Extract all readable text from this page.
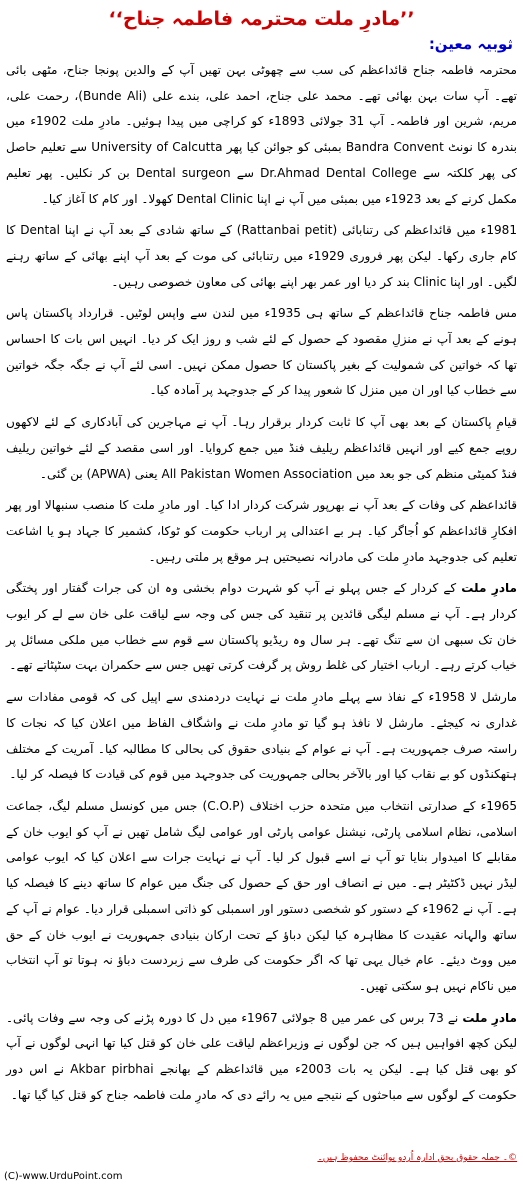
’’مادرِ ملت محترمہ فاطمہ جناح‘‘
ثوبیہ معین:

محترمہ فاطمہ جناح قائداعظم کی سب سے چھوٹی بہن تھیں آپ کے والدین پونجا جناح، مٹھی بائی تھے۔ آپ سات بہن بھائی تھے۔ محمد علی جناح، احمد علی، بندے علی (Bunde Ali)، رحمت علی، مریم، شرین اور فاطمہ۔ آپ 31 جولائی 1893ء کو کراچی میں پیدا ہوئیں۔ مادرِ ملت 1902ء میں بندرہ کا نونٹ Bandra Convent بمبئی کو جوائن کیا پھر University of Calcutta سے تعلیم حاصل کی پھر کلکتہ سے Dr.Ahmad Dental College سے Dental surgeon بن کر نکلیں۔ پھر تعلیم مکمل کرنے کے بعد 1923ء میں بمبئی میں آپ نے اپنا Dental Clinic کھولا۔ اور کام کا آغاز کیا۔

1981ء میں قائداعظم کی رتنابائی (Rattanbai petit) کے ساتھ شادی کے بعد آپ نے اپنا Dental کا کام جاری رکھا۔ لیکن پھر فروری 1929ء میں رتنابائی کی موت کے بعد آپ اپنے بھائی کے ساتھ رہنے لگیں۔ اور اپنا Clinic بند کر دیا اور عمر بھر اپنے بھائی کی معاون خصوصی رہیں۔

مس فاطمہ جناح قائداعظم کے ساتھ ہی 1935ء میں لندن سے واپس لوٹیں۔ قرارداد پاکستان پاس ہونے کے بعد آپ نے منزلِ مقصود کے حصول کے لئے شب و روز ایک کر دیا۔ انہیں اس بات کا احساس تھا کہ خواتین کی شمولیت کے بغیر پاکستان کا حصول ممکن نہیں۔ اسی لئے آپ نے جگہ جگہ خواتین سے خطاب کیا اور ان میں منزل کا شعور پیدا کر کے جدوجہد پر آمادہ کیا۔

قیامِ پاکستان کے بعد بھی آپ کا ثابت کردار برقرار رہا۔ آپ نے مہاجرین کی آبادکاری کے لئے لاکھوں روپے جمع کیے اور انہیں قائداعظم ریلیف فنڈ میں جمع کروایا۔ اور اسی مقصد کے لئے خواتین ریلیف فنڈ کمیٹی منظم کی جو بعد میں All Pakistan Women Association یعنی (APWA) بن گئی۔

قائداعظم کی وفات کے بعد آپ نے بھرپور شرکت کردار ادا کیا۔ اور مادرِ ملت کا منصب سنبھالا اور پھر افکارِ قائداعظم کو اُجاگر کیا۔ ہر بے اعتدالی پر ارباب حکومت کو ٹوکا، کشمیر کا جہاد ہو یا اشاعت تعلیم کی جدوجہد مادرِ ملت کی مادرانہ نصیحتیں ہر موقع پر ملتی رہیں۔

مادرِ ملت کے کردار کے جس پہلو نے آپ کو شہرت دوام بخشی وہ ان کی جرات گفتار اور پختگی کردار ہے۔ آپ نے مسلم لیگی قائدین پر تنقید کی جس کی وجہ سے لیاقت علی خان سے لے کر ایوب خان تک سبھی ان سے تنگ تھے۔ ہر سال وہ ریڈیو پاکستان سے قوم سے خطاب میں ملکی مسائل پر خیاب کرتے رہے۔ ارباب اختیار کی غلط روش پر گرفت کرتی تھیں جس سے حکمران بہت سٹپٹاتے تھے۔

مارشل لا 1958ء کے نفاذ سے پہلے مادرِ ملت نے نہایت دردمندی سے اپیل کی کہ قومی مفادات سے غداری نہ کیجئے۔ مارشل لا نافذ ہو گیا تو مادرِ ملت نے واشگاف الفاظ میں اعلان کیا کہ نجات کا راستہ صرف جمہوریت ہے۔ آپ نے عوام کے بنیادی حقوق کی بحالی کا مطالبہ کیا۔ آمریت کے مختلف ہتھکنڈوں کو بے نقاب کیا اور بالآخر بحالی جمہوریت کی جدوجہد میں قوم کی قیادت کا فیصلہ کر لیا۔

1965ء کے صدارتی انتخاب میں متحدہ حزب اختلاف (C.O.P) جس میں کونسل مسلم لیگ، جماعت اسلامی، نظام اسلامی پارٹی، نیشنل عوامی پارٹی اور عوامی لیگ شامل تھیں نے آپ کو ایوب خان کے مقابلے کا امیدوار بنایا تو آپ نے اسے قبول کر لیا۔ آپ نے نہایت جرات سے اعلان کیا کہ ایوب عوامی لیڈر نہیں ڈکٹیٹر ہے۔ میں نے انصاف اور حق کے حصول کی جنگ میں عوام کا ساتھ دینے کا فیصلہ کیا ہے۔ آپ نے 1962ء کے دستور کو شخصی دستور اور اسمبلی کو ذاتی اسمبلی قرار دیا۔ عوام نے آپ کے ساتھ والہانہ عقیدت کا مظاہرہ کیا لیکن دباؤ کے تحت ارکان بنیادی جمہوریت نے ایوب خان کے حق میں ووٹ دیئے۔ عام خیال یہی تھا کہ اگر حکومت کی طرف سے زبردست دباؤ نہ ہوتا تو آپ انتخاب میں ناکام نہیں ہو سکتی تھیں۔

مادرِ ملت نے 73 برس کی عمر میں 8 جولائی 1967ء میں دل کا دورہ پڑنے کی وجہ سے وفات پائی۔ لیکن کچھ افواہیں ہیں کہ جن لوگوں نے وزیراعظم لیاقت علی خان کو قتل کیا تھا انہی لوگوں نے آپ کو بھی قتل کیا ہے۔ لیکن یہ بات 2003ء میں قائداعظم کے بھانجے Akbar pirbhai نے اس دور حکومت کے لوگوں سے مباحثوں کے نتیجے میں یہ رائے دی کہ مادرِ ملت فاطمہ جناح کو قتل کیا گیا تھا۔

©۔ جملہ حقوق بحق ادارہ اُردو پوائنٹ محفوظ ہیں۔
(C)-www.UrduPoint.com
